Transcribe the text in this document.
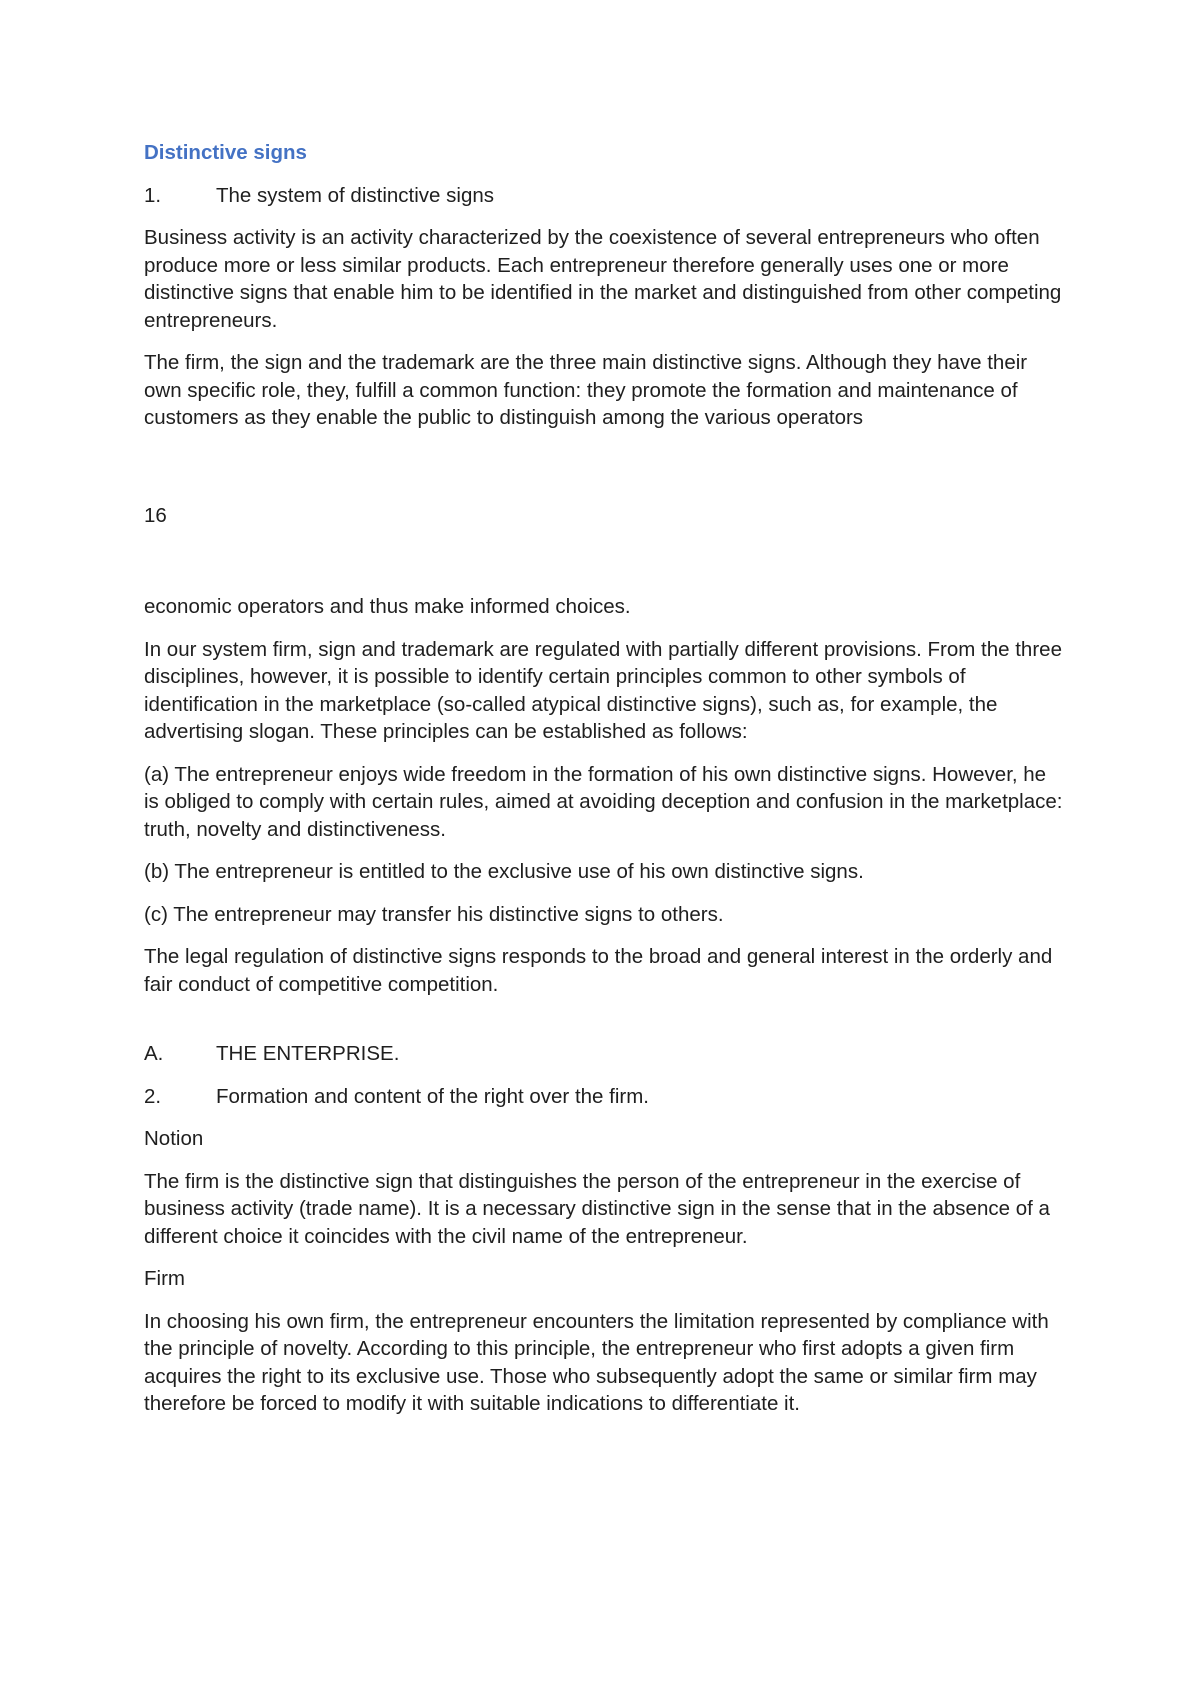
Distinctive signs
1.	The system of distinctive signs

Business activity is an activity characterized by the coexistence of several entrepreneurs who often produce more or less similar products. Each entrepreneur therefore generally uses one or more distinctive signs that enable him to be identified in the market and distinguished from other competing entrepreneurs.

The firm, the sign and the trademark are the three main distinctive signs. Although they have their own specific role, they, fulfill a common function: they promote the formation and maintenance of customers as they enable the public to distinguish among the various operators

16

economic operators and thus make informed choices.

In our system firm, sign and trademark are regulated with partially different provisions. From the three disciplines, however, it is possible to identify certain principles common to other symbols of identification in the marketplace (so-called atypical distinctive signs), such as, for example, the advertising slogan. These principles can be established as follows:

(a) The entrepreneur enjoys wide freedom in the formation of his own distinctive signs. However, he is obliged to comply with certain rules, aimed at avoiding deception and confusion in the marketplace: truth, novelty and distinctiveness.

(b) The entrepreneur is entitled to the exclusive use of his own distinctive signs.

(c) The entrepreneur may transfer his distinctive signs to others.

The legal regulation of distinctive signs responds to the broad and general interest in the orderly and fair conduct of competitive competition.

A.	THE ENTERPRISE.
2.	Formation and content of the right over the firm.

Notion

The firm is the distinctive sign that distinguishes the person of the entrepreneur in the exercise of business activity (trade name). It is a necessary distinctive sign in the sense that in the absence of a different choice it coincides with the civil name of the entrepreneur.

Firm

In choosing his own firm, the entrepreneur encounters the limitation represented by compliance with the principle of novelty. According to this principle, the entrepreneur who first adopts a given firm acquires the right to its exclusive use. Those who subsequently adopt the same or similar firm may therefore be forced to modify it with suitable indications to differentiate it.
